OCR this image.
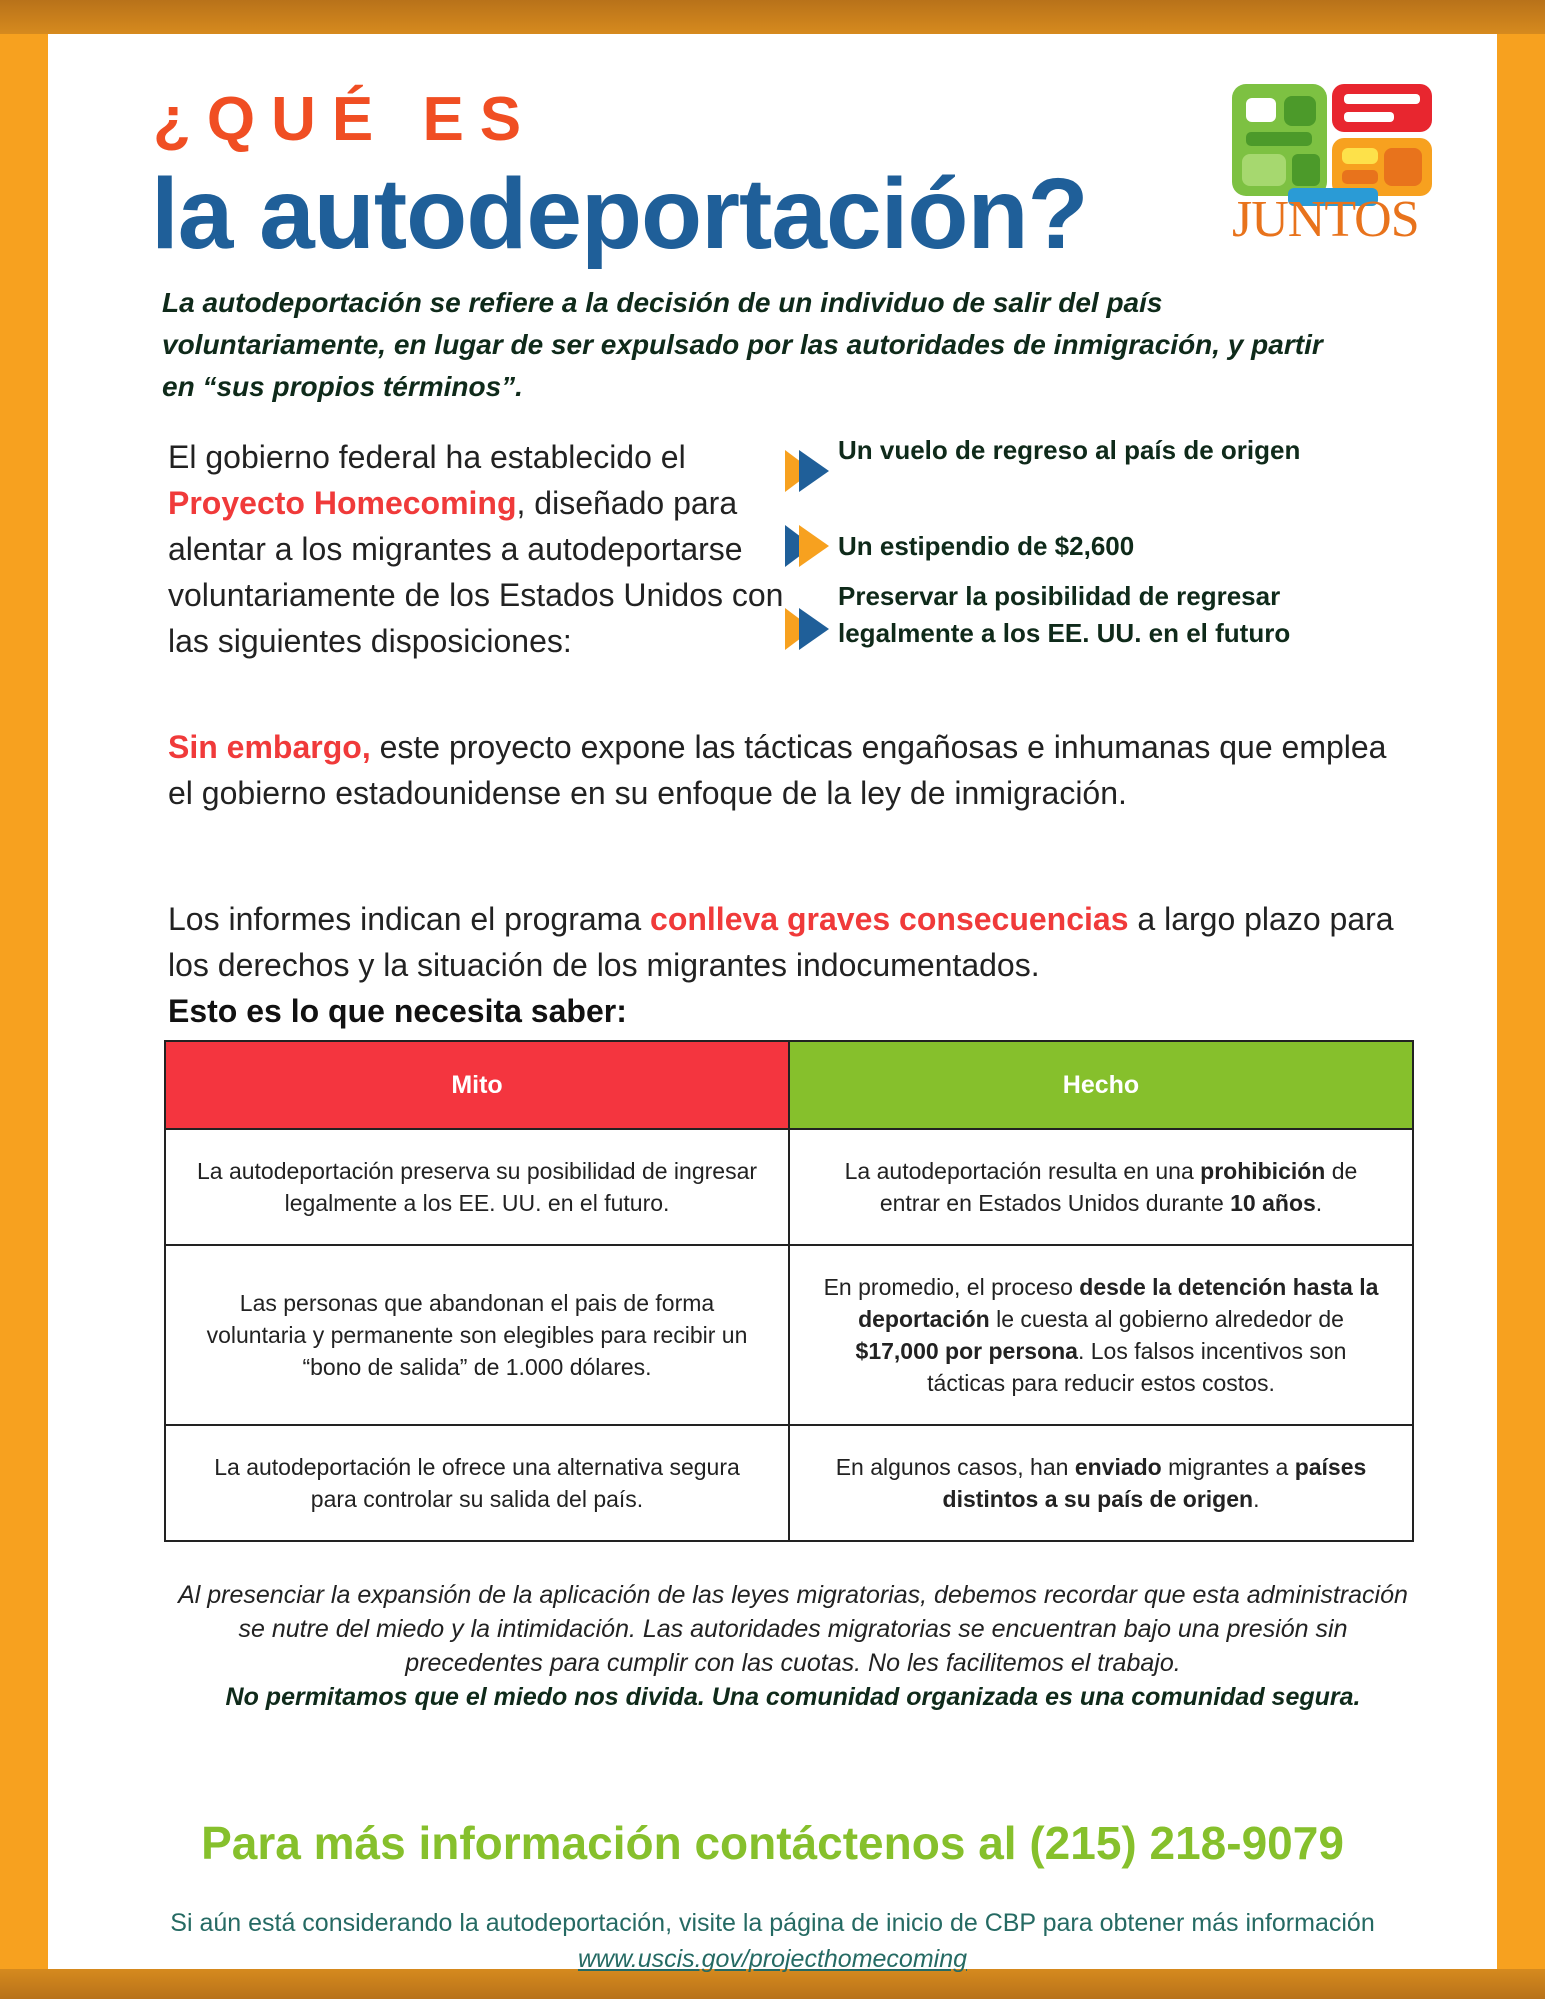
¿QUÉ ES
la autodeportación?	JUNTOS
La autodeportación se refiere a la decisión de un individuo de salir del país voluntariamente, en lugar de ser expulsado por las autoridades de inmigración, y partir en “sus propios términos”.
El gobierno federal ha establecido el Proyecto Homecoming, diseñado para alentar a los migrantes a autodeportarse voluntariamente de los Estados Unidos con las siguientes disposiciones:
Un vuelo de regreso al país de origen
Un estipendio de $2,600
Preservar la posibilidad de regresar legalmente a los EE. UU. en el futuro
Sin embargo, este proyecto expone las tácticas engañosas e inhumanas que emplea el gobierno estadounidense en su enfoque de la ley de inmigración.
Los informes indican el programa conlleva graves consecuencias a largo plazo para los derechos y la situación de los migrantes indocumentados.
Esto es lo que necesita saber:
Mito	Hecho
La autodeportación preserva su posibilidad de ingresar legalmente a los EE. UU. en el futuro.	La autodeportación resulta en una prohibición de entrar en Estados Unidos durante 10 años.
Las personas que abandonan el pais de forma voluntaria y permanente son elegibles para recibir un “bono de salida” de 1.000 dólares.	En promedio, el proceso desde la detención hasta la deportación le cuesta al gobierno alrededor de $17,000 por persona. Los falsos incentivos son tácticas para reducir estos costos.
La autodeportación le ofrece una alternativa segura para controlar su salida del país.	En algunos casos, han enviado migrantes a países distintos a su país de origen.
Al presenciar la expansión de la aplicación de las leyes migratorias, debemos recordar que esta administración se nutre del miedo y la intimidación. Las autoridades migratorias se encuentran bajo una presión sin precedentes para cumplir con las cuotas. No les facilitemos el trabajo.
No permitamos que el miedo nos divida. Una comunidad organizada es una comunidad segura.
Para más información contáctenos al (215) 218-9079
Si aún está considerando la autodeportación, visite la página de inicio de CBP para obtener más información www.uscis.gov/projecthomecoming
